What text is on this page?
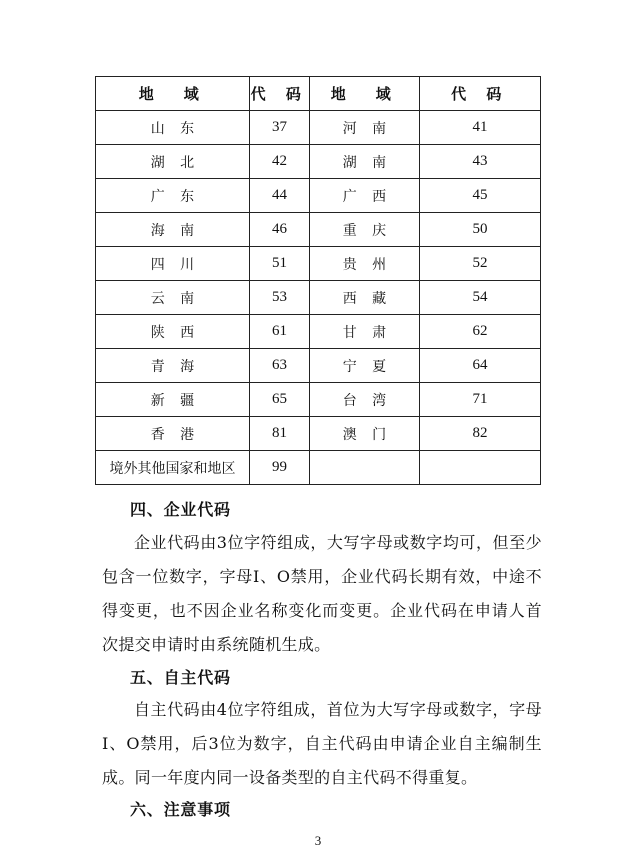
地　域	代 码	地　域	代 码
山东	37	河南	41
湖北	42	湖南	43
广东	44	广西	45
海南	46	重庆	50
四川	51	贵州	52
云南	53	西藏	54
陕西	61	甘肃	62
青海	63	宁夏	64
新疆	65	台湾	71
香港	81	澳门	82
境外其他国家和地区	99		
四、企业代码

企业代码由3位字符组成，大写字母或数字均可，但至少包含一位数字，字母I、O禁用，企业代码长期有效，中途不得变更，也不因企业名称变化而变更。企业代码在申请人首次提交申请时由系统随机生成。

五、自主代码

自主代码由4位字符组成，首位为大写字母或数字，字母I、O禁用，后3位为数字，自主代码由申请企业自主编制生成。同一年度内同一设备类型的自主代码不得重复。

六、注意事项
3
